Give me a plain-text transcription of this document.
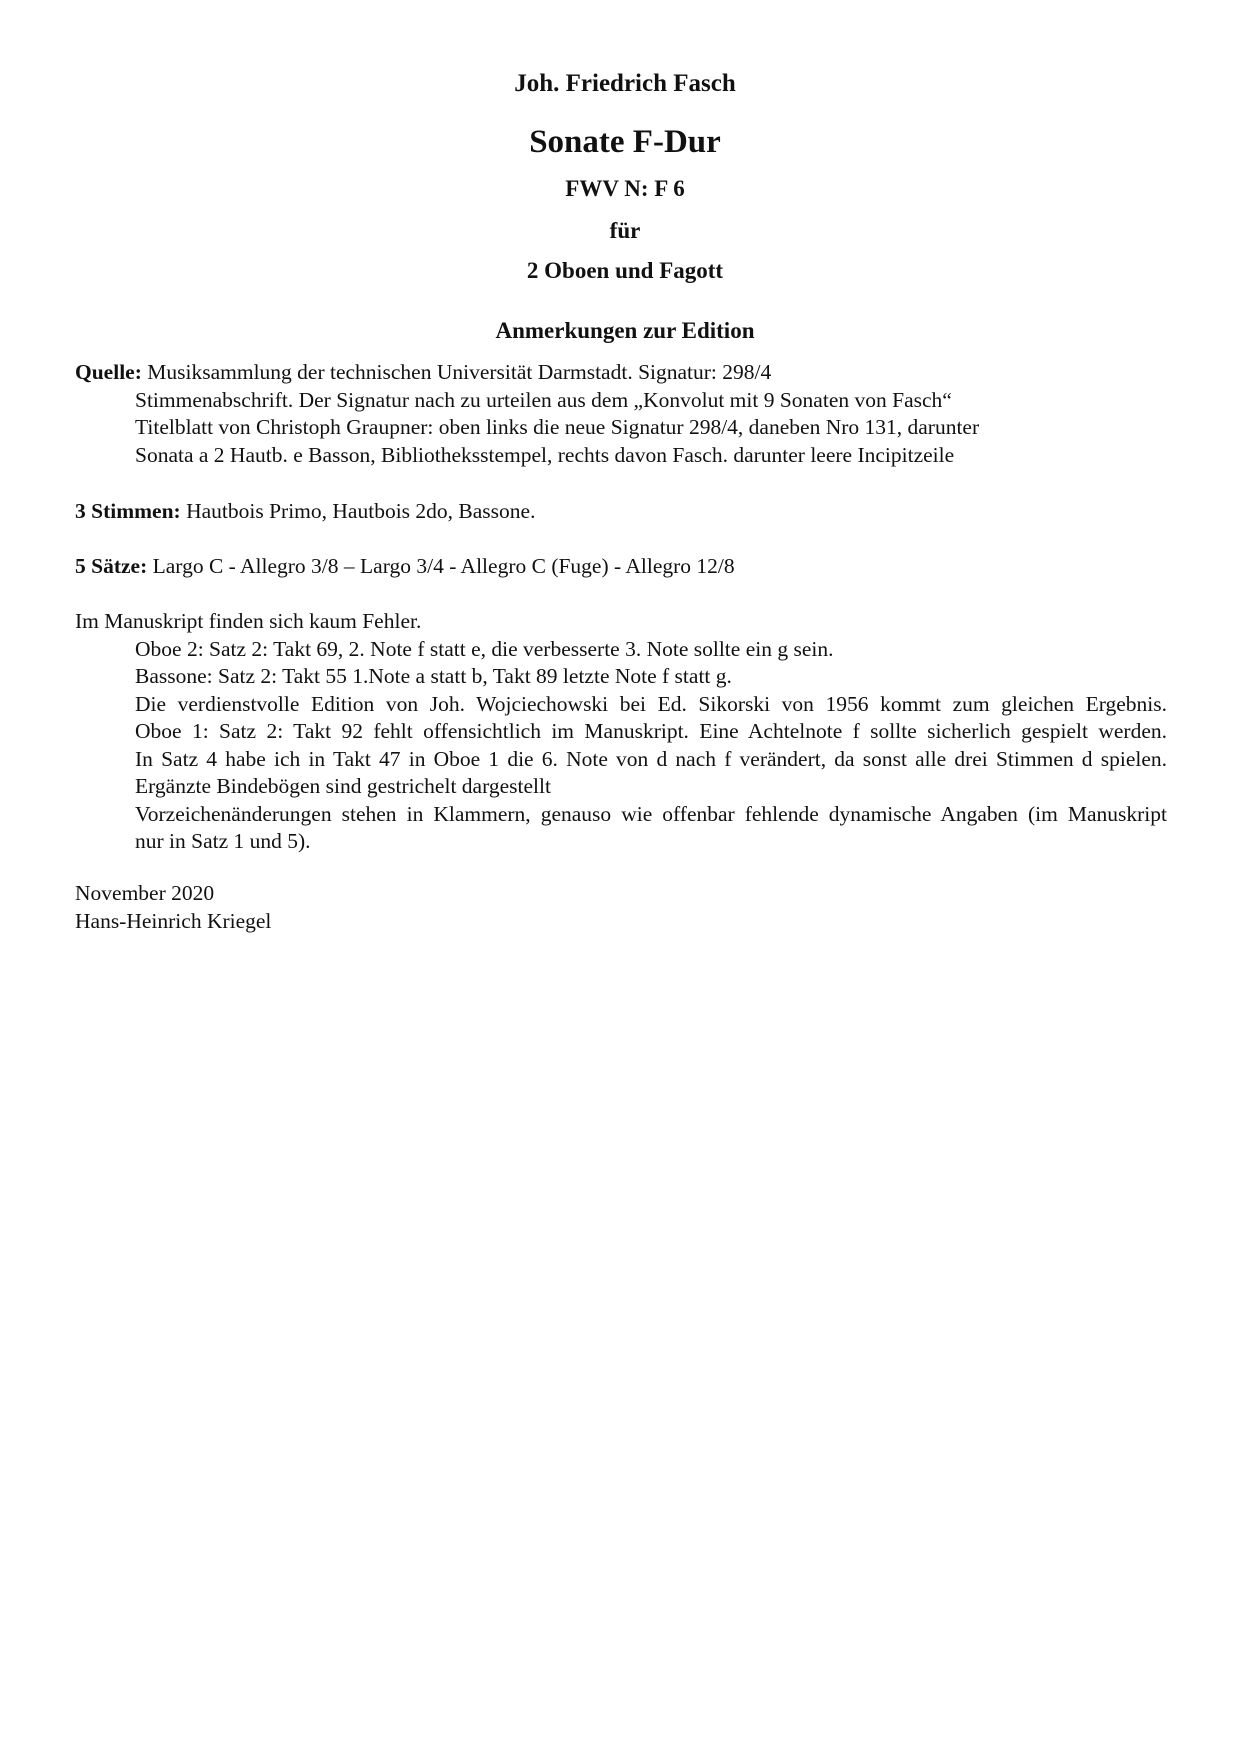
Joh. Friedrich Fasch
Sonate F-Dur
FWV N: F 6
für
2 Oboen und Fagott
Anmerkungen zur Edition
Quelle: Musiksammlung der technischen Universität Darmstadt. Signatur: 298/4
Stimmenabschrift. Der Signatur nach zu urteilen aus dem „Konvolut mit 9 Sonaten von Fasch“
Titelblatt von Christoph Graupner: oben links die neue Signatur 298/4, daneben Nro 131, darunter
Sonata a 2 Hautb. e Basson, Bibliotheksstempel, rechts davon Fasch. darunter leere Incipitzeile
3 Stimmen: Hautbois Primo, Hautbois 2do, Bassone.
5 Sätze: Largo C - Allegro 3/8 – Largo 3/4 - Allegro C (Fuge) - Allegro 12/8
Im Manuskript finden sich kaum Fehler.
Oboe 2: Satz 2: Takt 69, 2. Note f statt e, die verbesserte 3. Note sollte ein g sein.
Bassone: Satz 2: Takt 55 1.Note a statt b, Takt 89 letzte Note f statt g.
Die verdienstvolle Edition von Joh. Wojciechowski bei Ed. Sikorski von 1956 kommt zum gleichen Ergebnis.
Oboe 1: Satz 2: Takt 92 fehlt offensichtlich im Manuskript. Eine Achtelnote f sollte sicherlich gespielt werden.
In Satz 4 habe ich in Takt 47 in Oboe 1 die 6. Note von d nach f verändert, da sonst alle drei Stimmen d spielen.
Ergänzte Bindebögen sind gestrichelt dargestellt
Vorzeichenänderungen stehen in Klammern, genauso wie offenbar fehlende dynamische Angaben (im Manuskript
nur in Satz 1 und 5).
November 2020
Hans-Heinrich Kriegel
